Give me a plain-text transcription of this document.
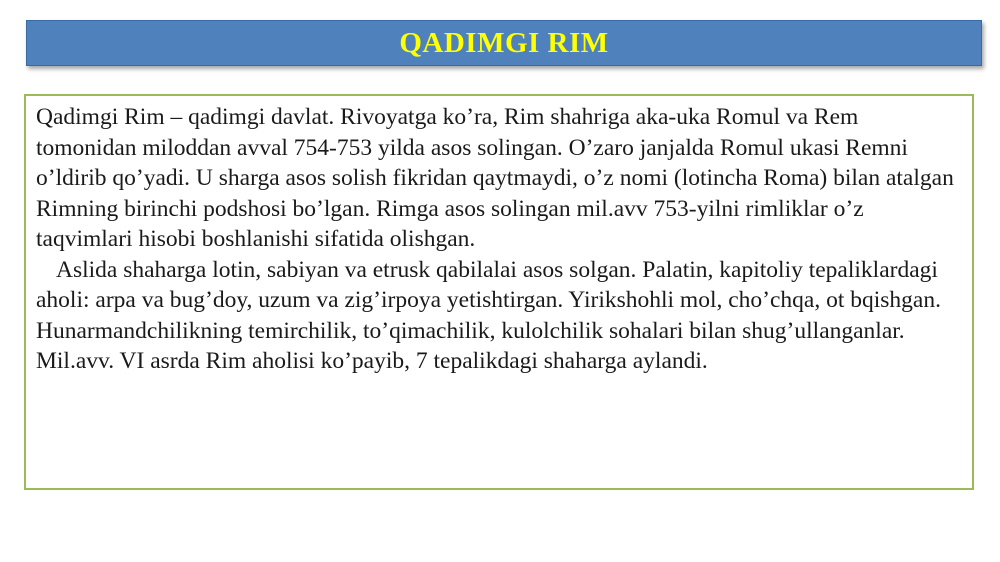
QADIMGI RIM

Qadimgi Rim – qadimgi davlat. Rivoyatga ko’ra, Rim shahriga aka-uka Romul va Rem tomonidan miloddan avval 754-753 yilda asos solingan. O’zaro janjalda Romul ukasi Remni o’ldirib qo’yadi. U sharga asos solish fikridan qaytmaydi, o’z nomi (lotincha Roma) bilan atalgan Rimning birinchi podshosi bo’lgan. Rimga asos solingan mil.avv 753-yilni rimliklar o’z taqvimlari hisobi boshlanishi sifatida olishgan.

Aslida shaharga lotin, sabiyan va etrusk qabilalai asos solgan. Palatin, kapitoliy tepaliklardagi aholi: arpa va bug’doy, uzum va zig’irpoya yetishtirgan. Yirikshohli mol, cho’chqa, ot bqishgan. Hunarmandchilikning temirchilik, to’qimachilik, kulolchilik sohalari bilan shug’ullanganlar. Mil.avv. VI asrda Rim aholisi ko’payib, 7 tepalikdagi shaharga aylandi.
